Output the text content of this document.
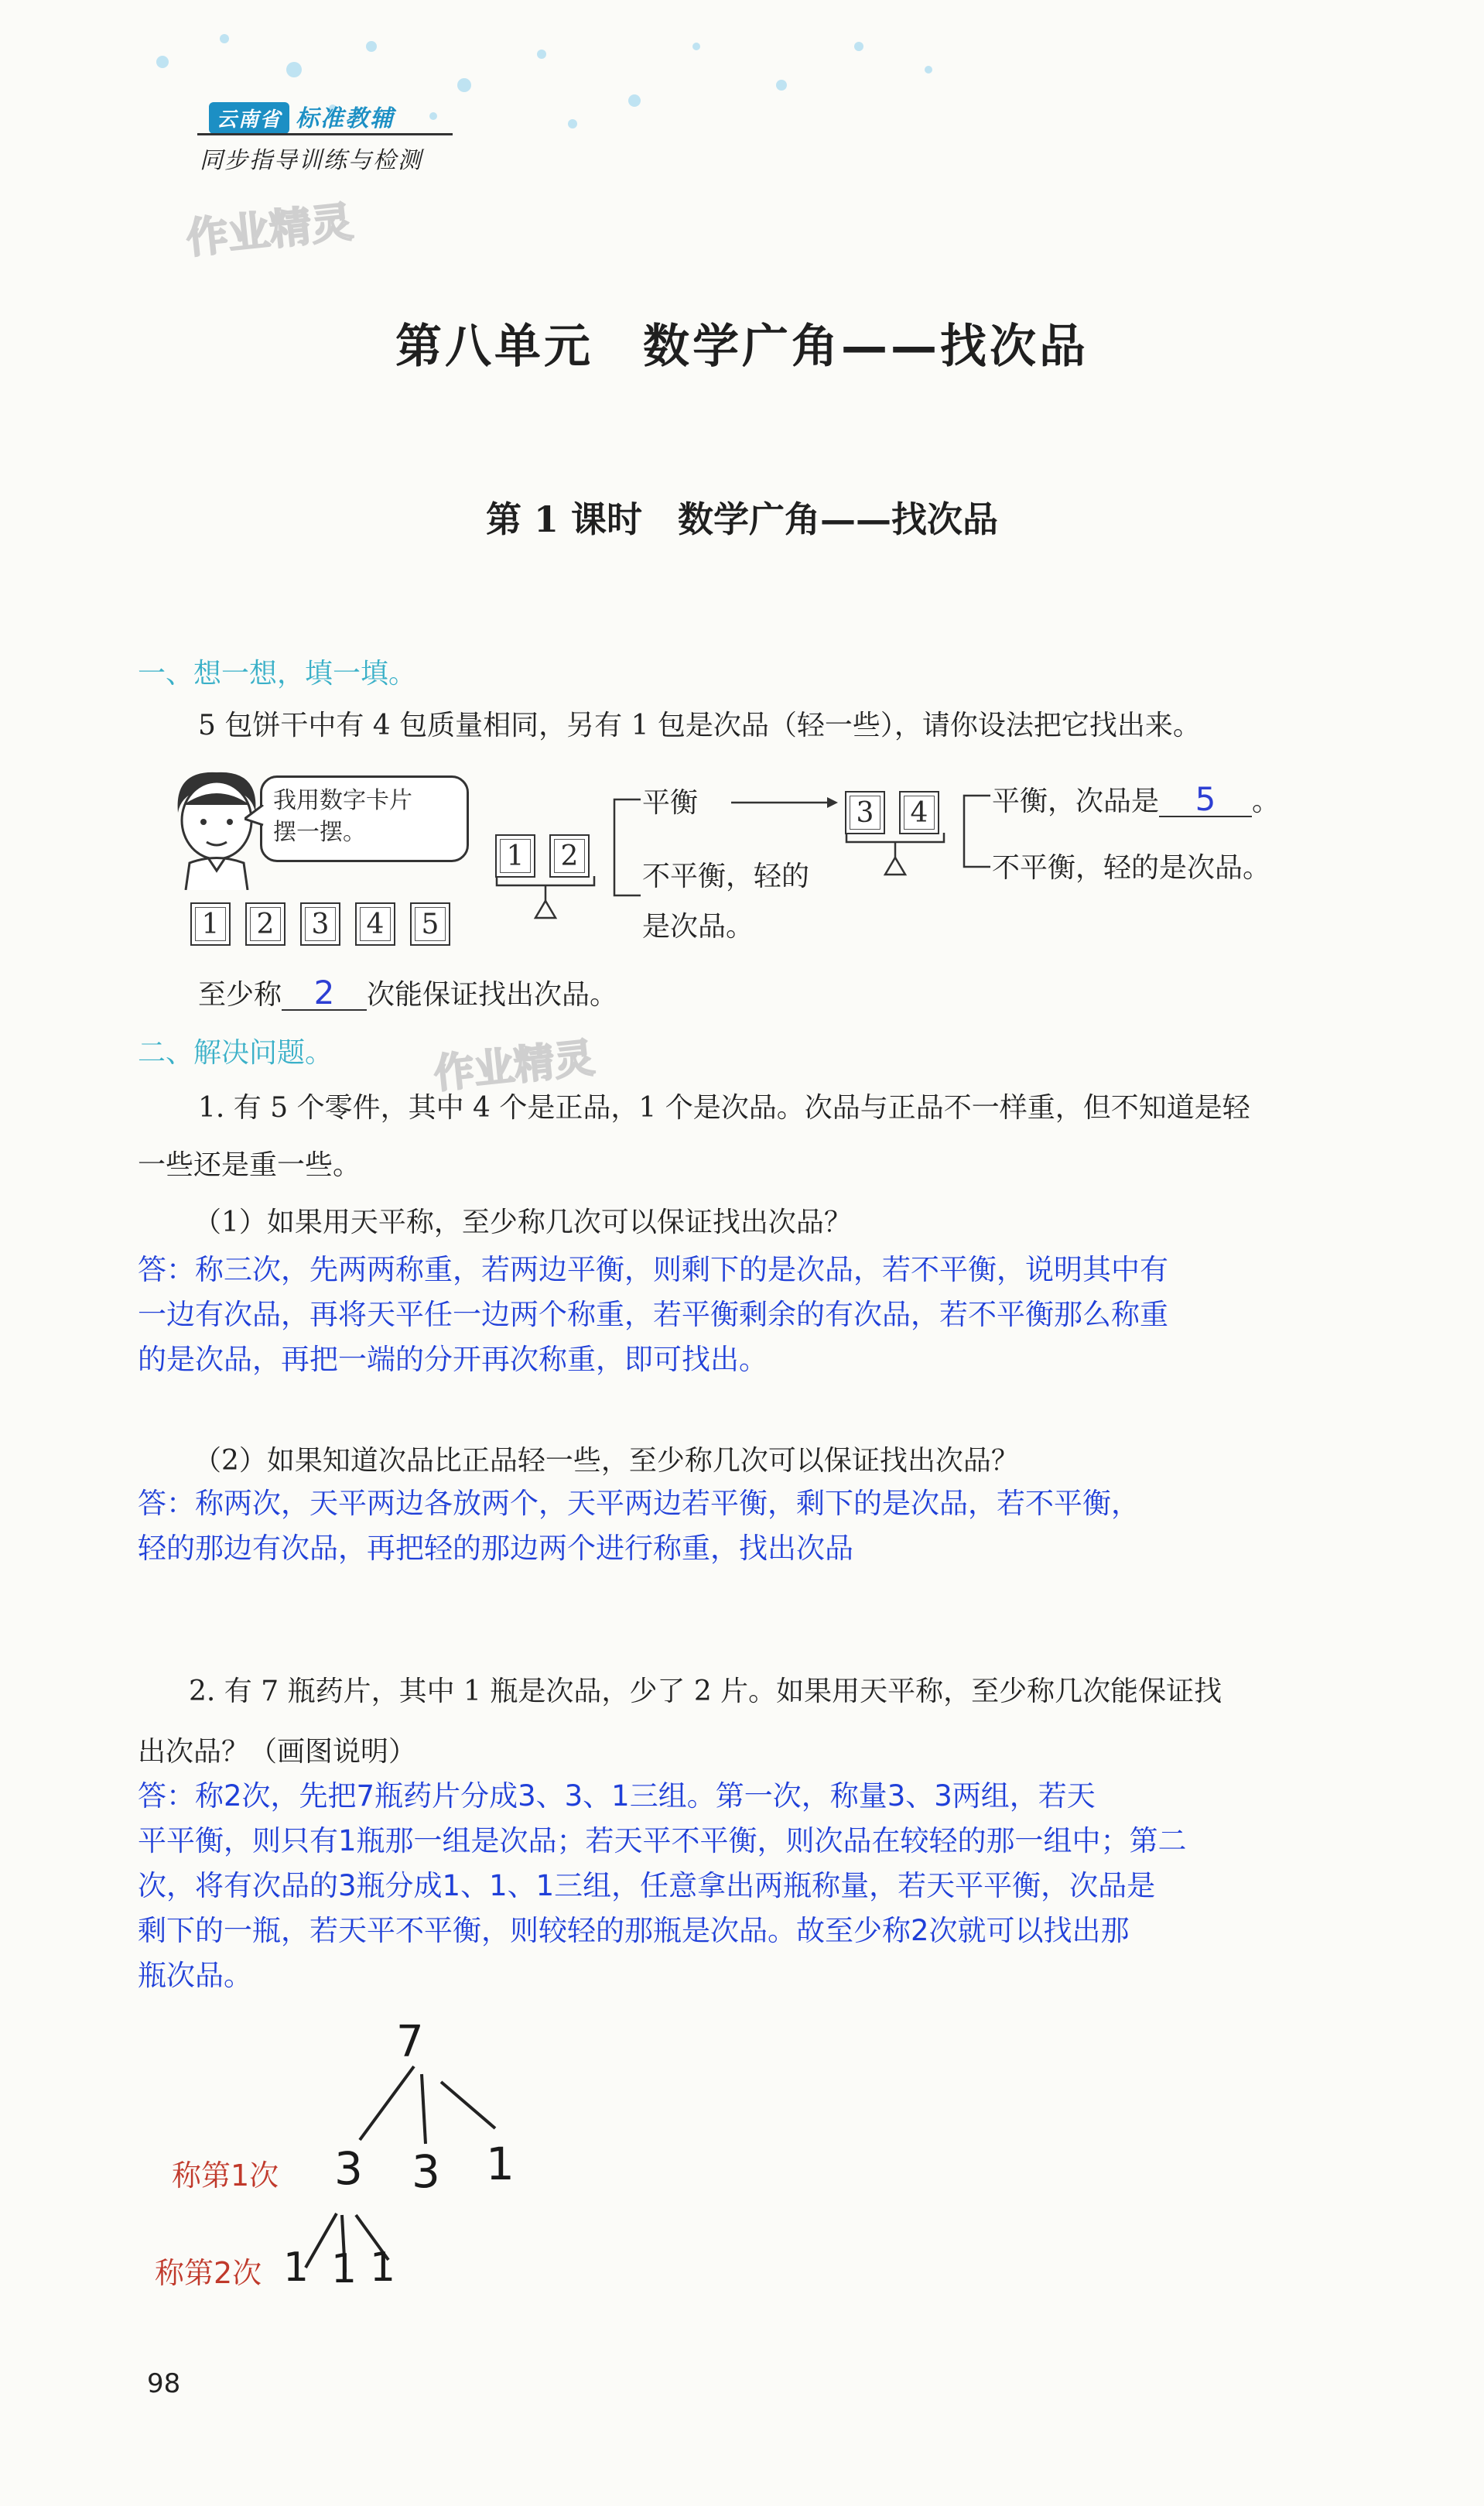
云南省 标准教辅
同步指导训练与检测
作业精灵
第八单元　数学广角——找次品
第 1 课时　数学广角——找次品
一、想一想，填一填。
5 包饼干中有 4 包质量相同，另有 1 包是次品（轻一些），请你设法把它找出来。
我用数字卡片
摆一摆。
1	2	3	4	5
1	2
平衡
不平衡，轻的
是次品。
3	4	平衡，次品是 5 。
不平衡，轻的是次品。
至少称 2 次能保证找出次品。
二、解决问题。 作业精灵
1. 有 5 个零件，其中 4 个是正品，1 个是次品。次品与正品不一样重，但不知道是轻
一些还是重一些。
（1）如果用天平称，至少称几次可以保证找出次品？
答：称三次，先两两称重，若两边平衡，则剩下的是次品，若不平衡，说明其中有
一边有次品，再将天平任一边两个称重，若平衡剩余的有次品，若不平衡那么称重
的是次品，再把一端的分开再次称重，即可找出。
（2）如果知道次品比正品轻一些，至少称几次可以保证找出次品？
答：称两次，天平两边各放两个，天平两边若平衡，剩下的是次品，若不平衡，
轻的那边有次品，再把轻的那边两个进行称重，找出次品
2. 有 7 瓶药片，其中 1 瓶是次品，少了 2 片。如果用天平称，至少称几次能保证找
出次品？（画图说明）
答：称2次，先把7瓶药片分成3、3、1三组。第一次，称量3、3两组，若天
平平衡，则只有1瓶那一组是次品；若天平不平衡，则次品在较轻的那一组中；第二
次，将有次品的3瓶分成1、1、1三组，任意拿出两瓶称量，若天平平衡，次品是
剩下的一瓶，若天平不平衡，则较轻的那瓶是次品。故至少称2次就可以找出那
瓶次品。
7
称第1次 3 3 1
称第2次 1 1 1
98
